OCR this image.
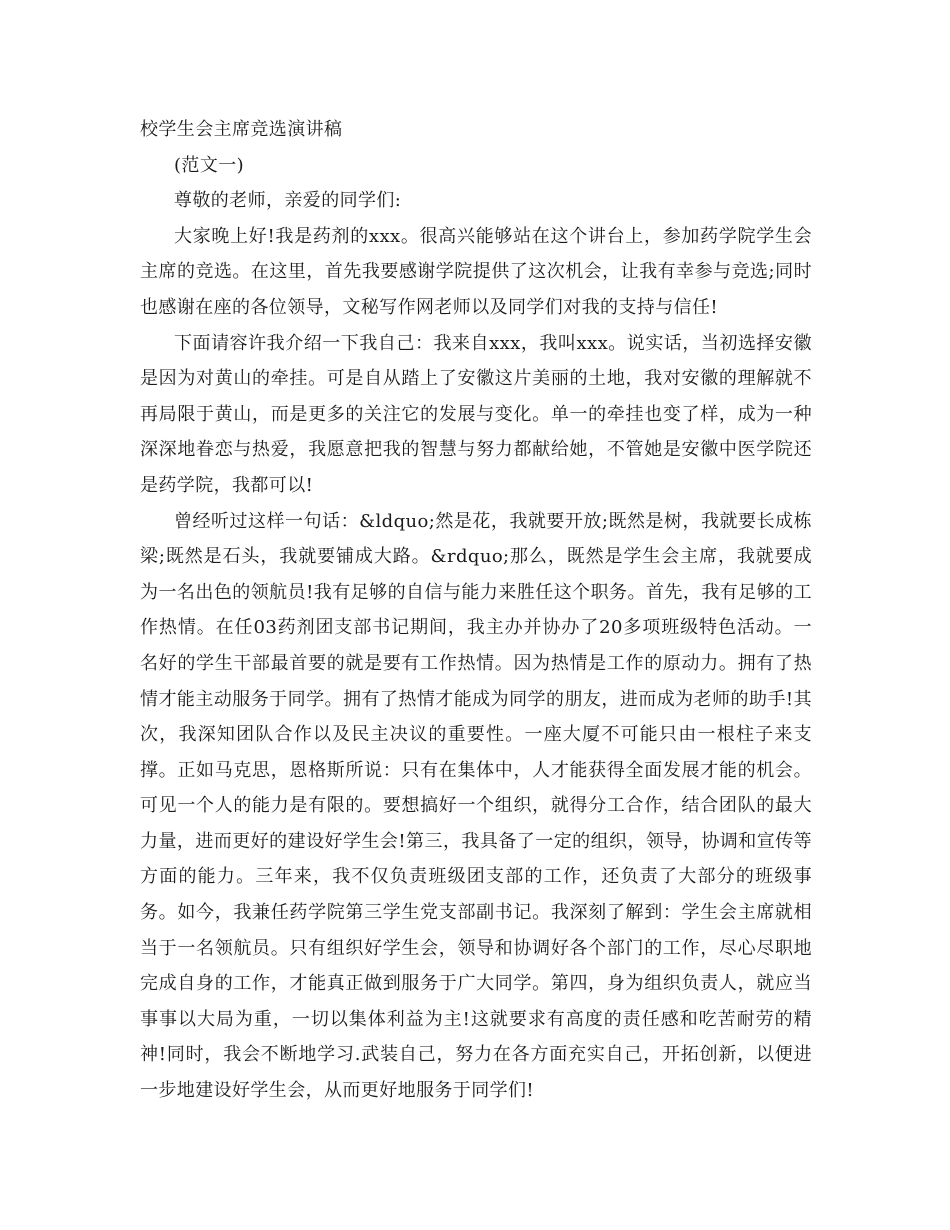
校学生会主席竞选演讲稿

(范文一)

尊敬的老师，亲爱的同学们:

大家晚上好!我是药剂的xxx。很高兴能够站在这个讲台上，参加药学院学生会主席的竞选。在这里，首先我要感谢学院提供了这次机会，让我有幸参与竞选;同时也感谢在座的各位领导，文秘写作网老师以及同学们对我的支持与信任!

下面请容许我介绍一下我自己：我来自xxx，我叫xxx。说实话，当初选择安徽是因为对黄山的牵挂。可是自从踏上了安徽这片美丽的土地，我对安徽的理解就不再局限于黄山，而是更多的关注它的发展与变化。单一的牵挂也变了样，成为一种深深地眷恋与热爱，我愿意把我的智慧与努力都献给她，不管她是安徽中医学院还是药学院，我都可以!

曾经听过这样一句话：&ldquo;然是花，我就要开放;既然是树，我就要长成栋梁;既然是石头，我就要铺成大路。&rdquo;那么，既然是学生会主席，我就要成为一名出色的领航员!我有足够的自信与能力来胜任这个职务。首先，我有足够的工作热情。在任03药剂团支部书记期间，我主办并协办了20多项班级特色活动。一名好的学生干部最首要的就是要有工作热情。因为热情是工作的原动力。拥有了热情才能主动服务于同学。拥有了热情才能成为同学的朋友，进而成为老师的助手!其次，我深知团队合作以及民主决议的重要性。一座大厦不可能只由一根柱子来支撑。正如马克思，恩格斯所说：只有在集体中，人才能获得全面发展才能的机会。可见一个人的能力是有限的。要想搞好一个组织，就得分工合作，结合团队的最大力量，进而更好的建设好学生会!第三，我具备了一定的组织，领导，协调和宣传等方面的能力。三年来，我不仅负责班级团支部的工作，还负责了大部分的班级事务。如今，我兼任药学院第三学生党支部副书记。我深刻了解到：学生会主席就相当于一名领航员。只有组织好学生会，领导和协调好各个部门的工作，尽心尽职地完成自身的工作，才能真正做到服务于广大同学。第四，身为组织负责人，就应当事事以大局为重，一切以集体利益为主!这就要求有高度的责任感和吃苦耐劳的精神!同时，我会不断地学习.武装自己，努力在各方面充实自己，开拓创新，以便进一步地建设好学生会，从而更好地服务于同学们!
